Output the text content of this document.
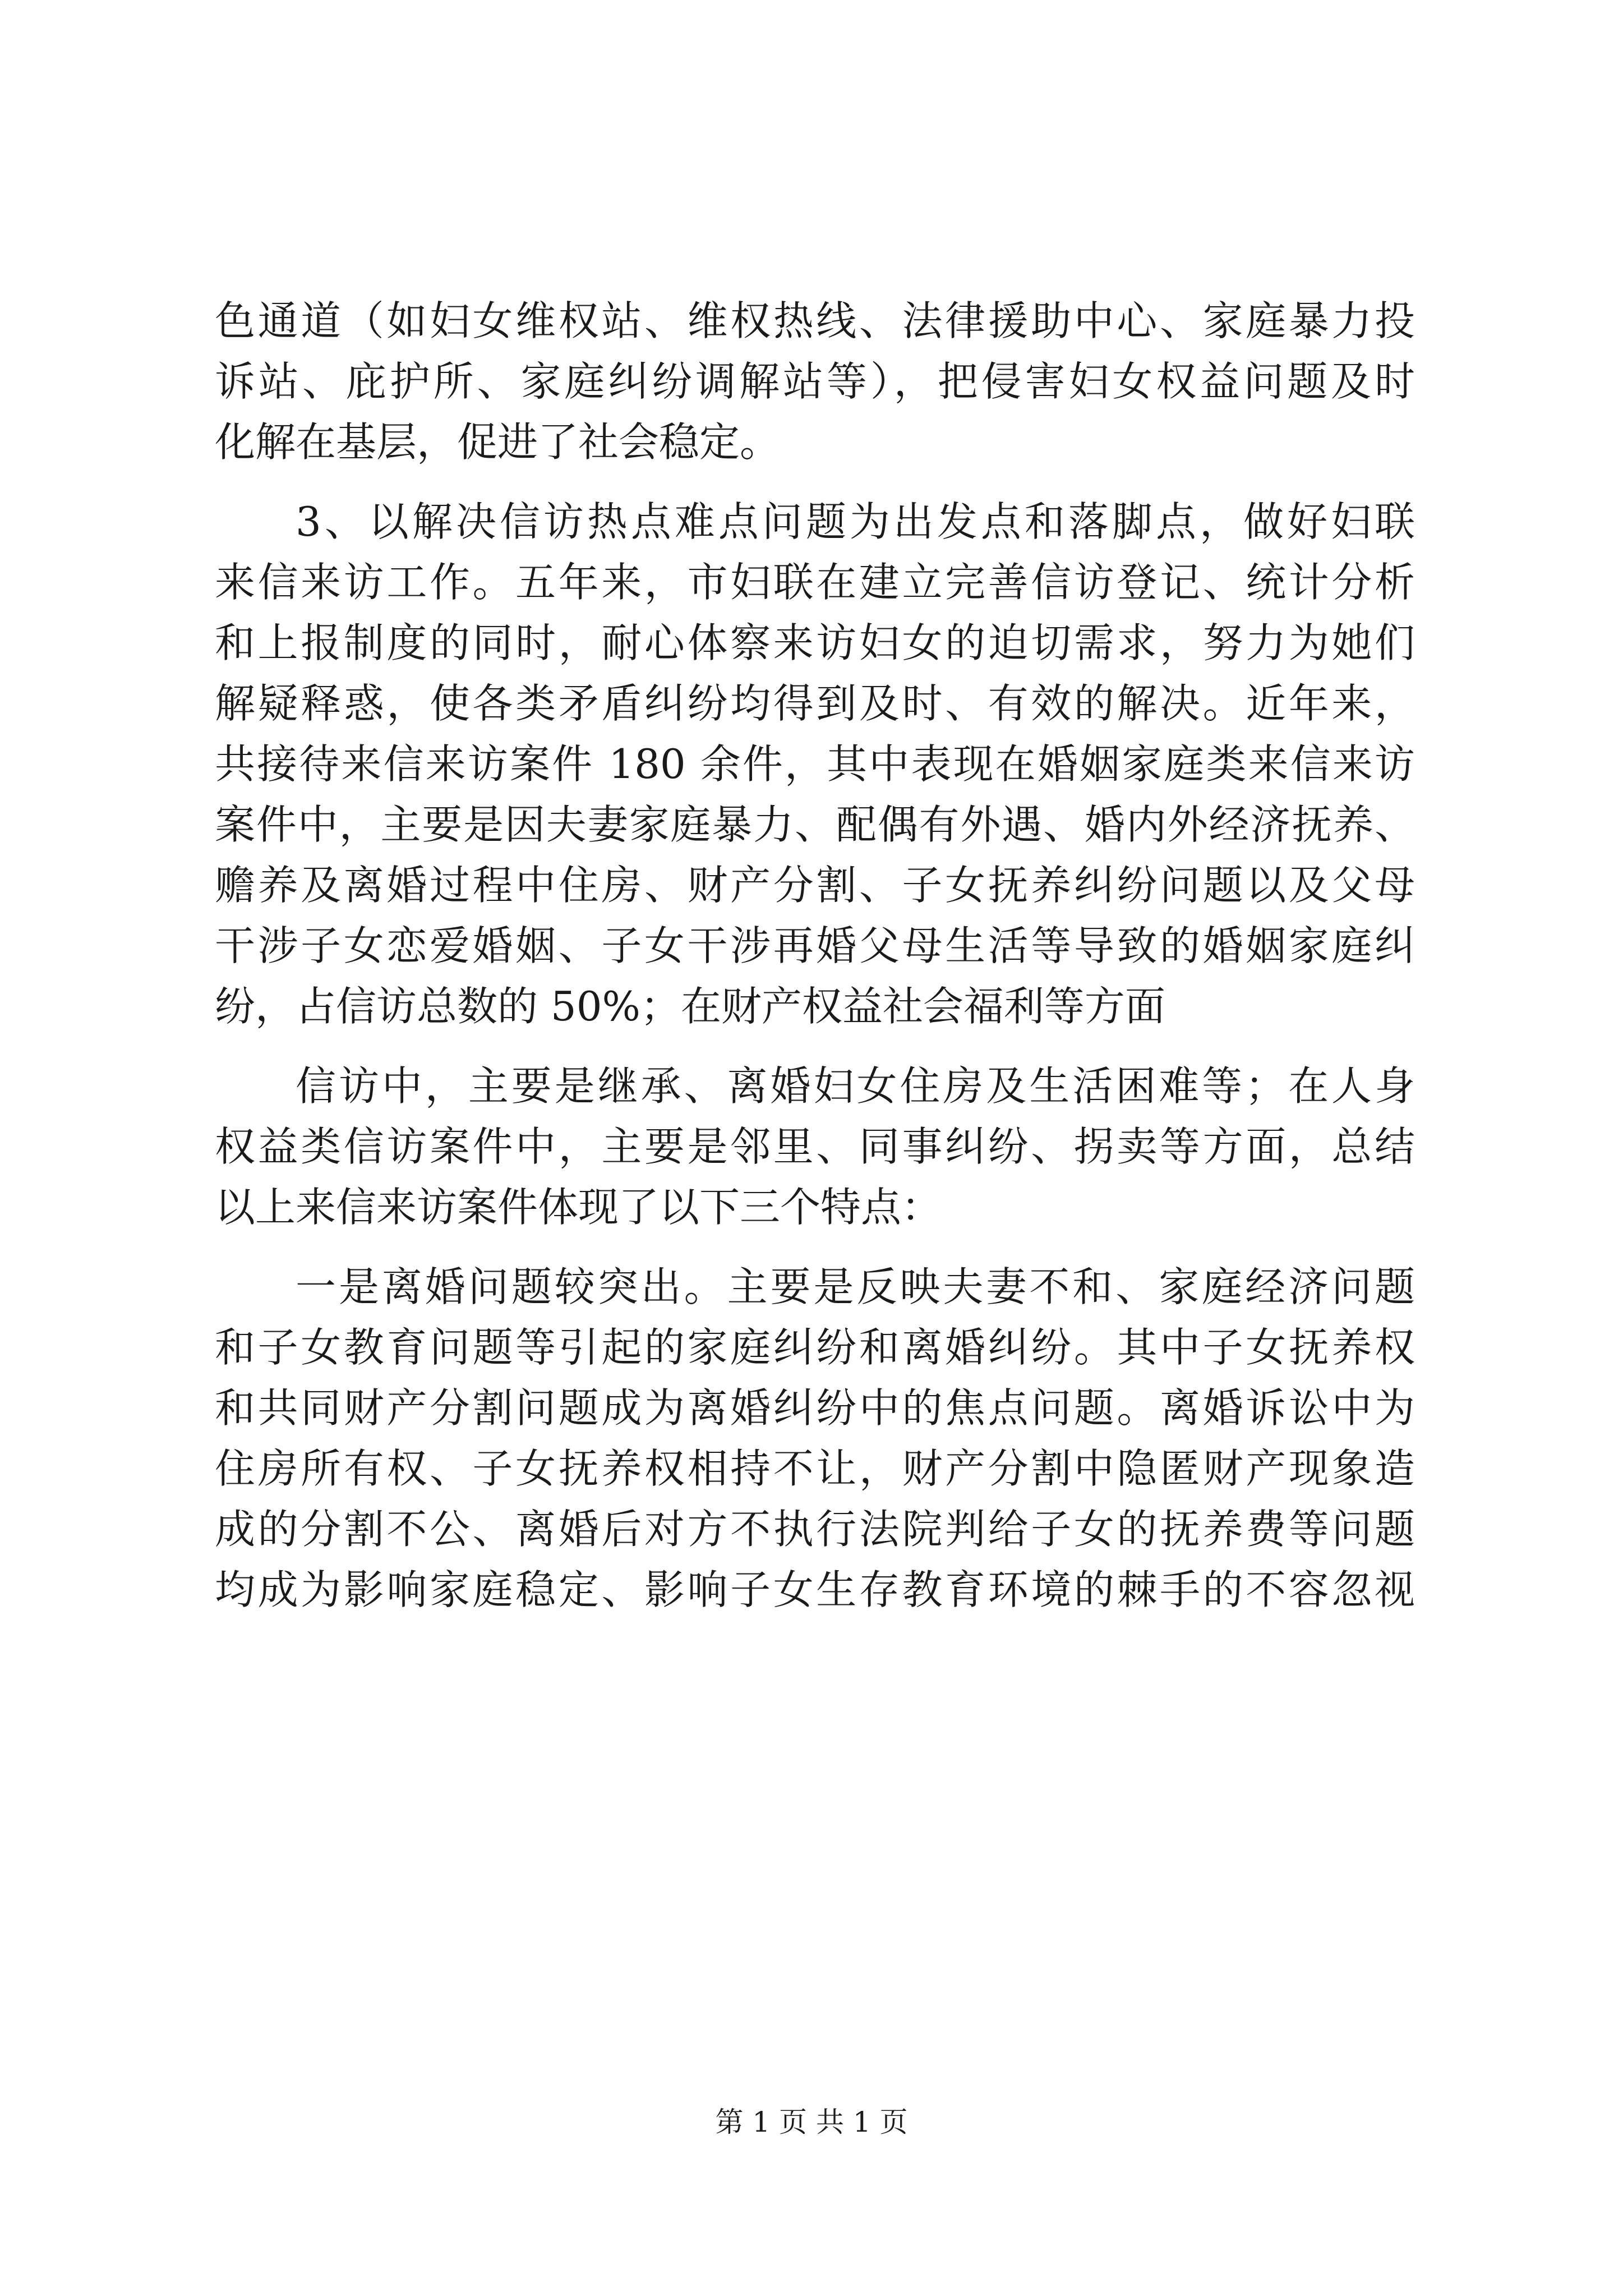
色通道（如妇女维权站、维权热线、法律援助中心、家庭暴力投
诉站、庇护所、家庭纠纷调解站等），把侵害妇女权益问题及时
化解在基层，促进了社会稳定。
3、以解决信访热点难点问题为出发点和落脚点，做好妇联
来信来访工作。五年来，市妇联在建立完善信访登记、统计分析
和上报制度的同时，耐心体察来访妇女的迫切需求，努力为她们
解疑释惑，使各类矛盾纠纷均得到及时、有效的解决。近年来，
共接待来信来访案件 180 余件，其中表现在婚姻家庭类来信来访
案件中，主要是因夫妻家庭暴力、配偶有外遇、婚内外经济抚养、
赡养及离婚过程中住房、财产分割、子女抚养纠纷问题以及父母
干涉子女恋爱婚姻、子女干涉再婚父母生活等导致的婚姻家庭纠
纷，占信访总数的 50%；在财产权益社会福利等方面
信访中，主要是继承、离婚妇女住房及生活困难等；在人身
权益类信访案件中，主要是邻里、同事纠纷、拐卖等方面，总结
以上来信来访案件体现了以下三个特点：
一是离婚问题较突出。主要是反映夫妻不和、家庭经济问题
和子女教育问题等引起的家庭纠纷和离婚纠纷。其中子女抚养权
和共同财产分割问题成为离婚纠纷中的焦点问题。离婚诉讼中为
住房所有权、子女抚养权相持不让，财产分割中隐匿财产现象造
成的分割不公、离婚后对方不执行法院判给子女的抚养费等问题
均成为影响家庭稳定、影响子女生存教育环境的棘手的不容忽视
第 1 页 共 1 页
